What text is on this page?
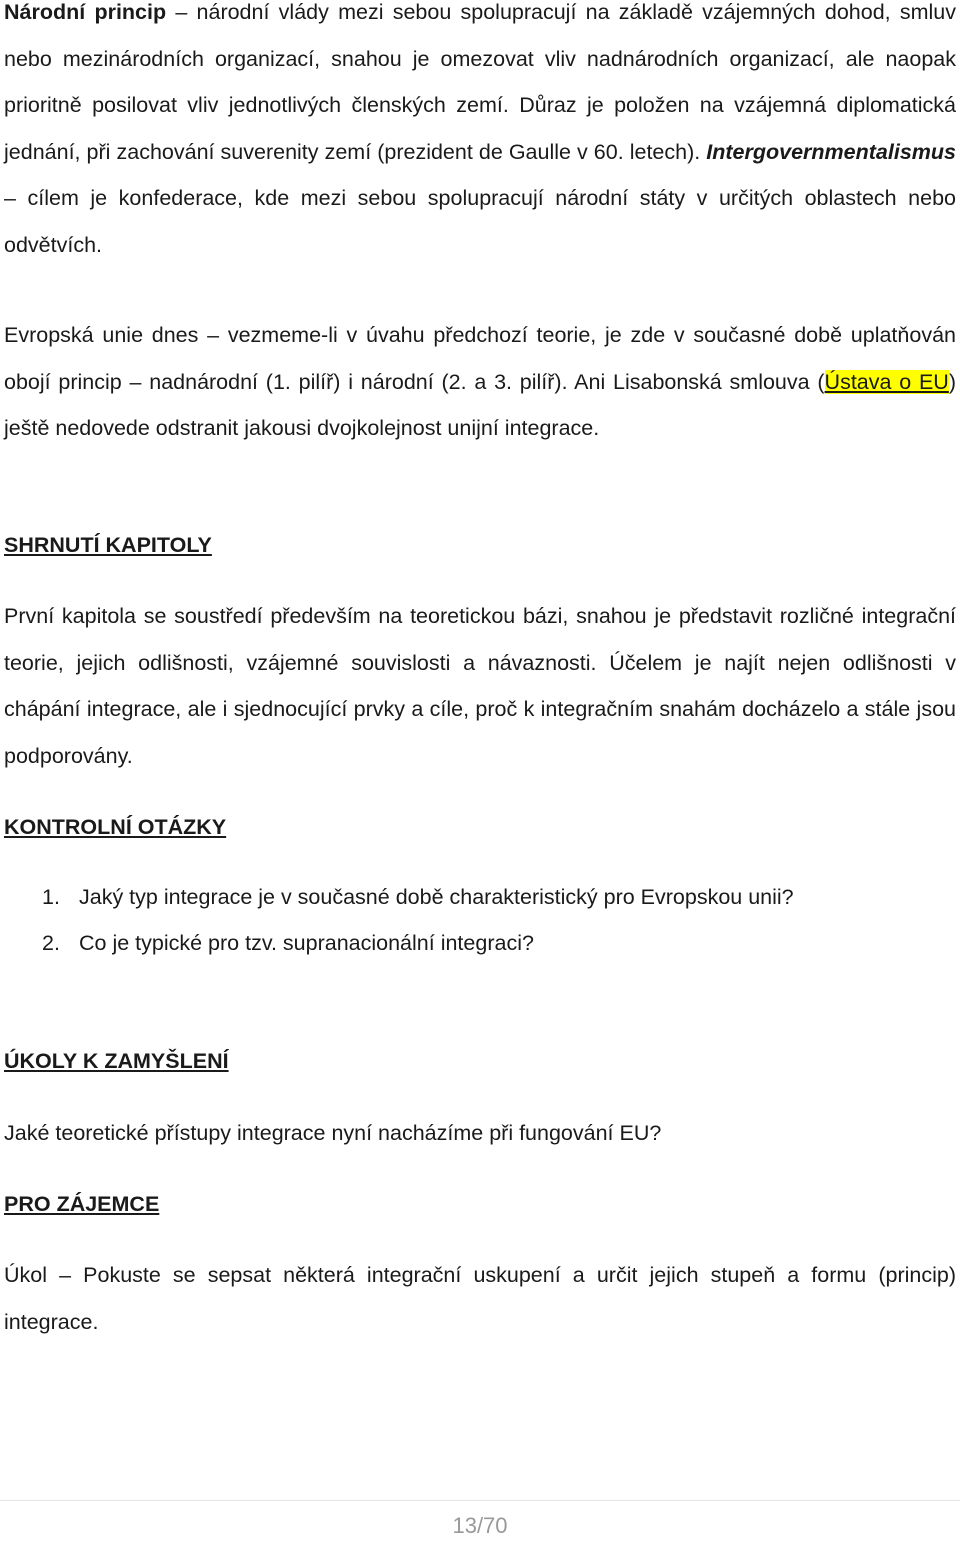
Národní princip – národní vlády mezi sebou spolupracují na základě vzájemných dohod, smluv nebo mezinárodních organizací, snahou je omezovat vliv nadnárodních organizací, ale naopak prioritně posilovat vliv jednotlivých členských zemí. Důraz je položen na vzájemná diplomatická jednání, při zachování suverenity zemí (prezident de Gaulle v 60. letech). Intergovernmentalismus – cílem je konfederace, kde mezi sebou spolupracují národní státy v určitých oblastech nebo odvětvích.

Evropská unie dnes – vezmeme-li v úvahu předchozí teorie, je zde v současné době uplatňován obojí princip – nadnárodní (1. pilíř) i národní (2. a 3. pilíř). Ani Lisabonská smlouva (Ústava o EU) ještě nedovede odstranit jakousi dvojkolejnost unijní integrace.

SHRNUTÍ KAPITOLY

První kapitola se soustředí především na teoretickou bázi, snahou je představit rozličné integrační teorie, jejich odlišnosti, vzájemné souvislosti a návaznosti. Účelem je najít nejen odlišnosti v chápání integrace, ale i sjednocující prvky a cíle, proč k integračním snahám docházelo a stále jsou podporovány.

KONTROLNÍ OTÁZKY
1. Jaký typ integrace je v současné době charakteristický pro Evropskou unii?
2. Co je typické pro tzv. supranacionální integraci?
ÚKOLY K ZAMYŠLENÍ

Jaké teoretické přístupy integrace nyní nacházíme při fungování EU?

PRO ZÁJEMCE

Úkol – Pokuste se sepsat některá integrační uskupení a určit jejich stupeň a formu (princip) integrace.

13/70
